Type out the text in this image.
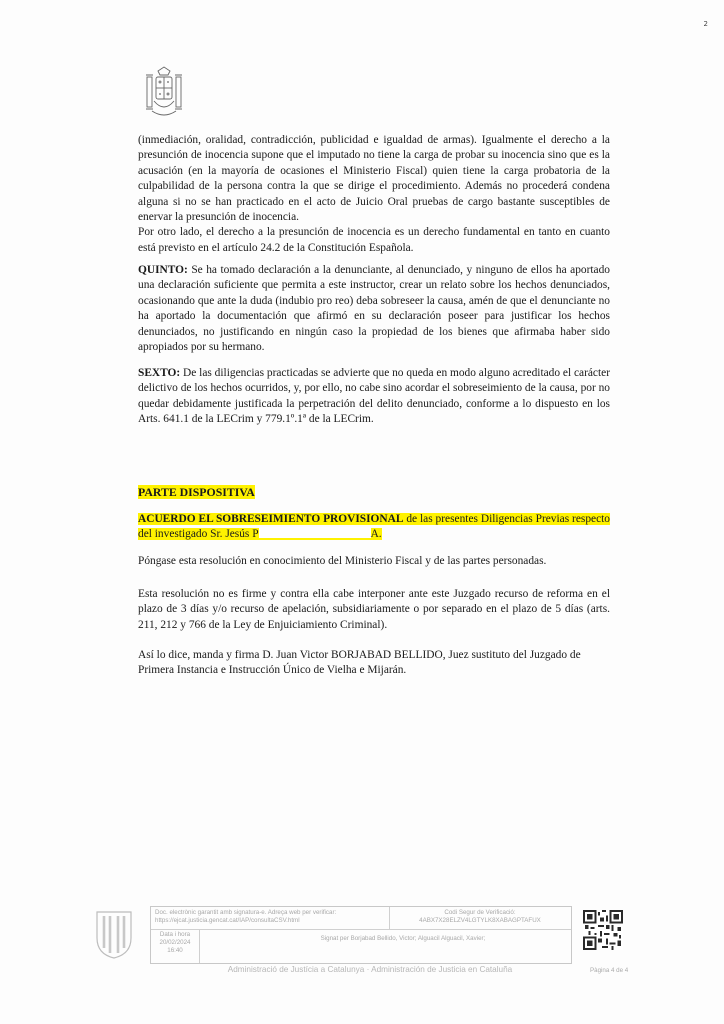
2
(inmediación, oralidad, contradicción, publicidad e igualdad de armas). Igualmente el derecho a la presunción de inocencia supone que el imputado no tiene la carga de probar su inocencia sino que es la acusación (en la mayoría de ocasiones el Ministerio Fiscal) quien tiene la carga probatoria de la culpabilidad de la persona contra la que se dirige el procedimiento. Además no procederá condena alguna si no se han practicado en el acto de Juicio Oral pruebas de cargo bastante susceptibles de enervar la presunción de inocencia.
Por otro lado, el derecho a la presunción de inocencia es un derecho fundamental en tanto en cuanto está previsto en el artículo 24.2 de la Constitución Española.
QUINTO: Se ha tomado declaración a la denunciante, al denunciado, y ninguno de ellos ha aportado una declaración suficiente que permita a este instructor, crear un relato sobre los hechos denunciados, ocasionando que ante la duda (indubio pro reo) deba sobreseer la causa, amén de que el denunciante no ha aportado la documentación que afirmó en su declaración poseer para justificar los hechos denunciados, no justificando en ningún caso la propiedad de los bienes que afirmaba haber sido apropiados por su hermano.
SEXTO: De las diligencias practicadas se advierte que no queda en modo alguno acreditado el carácter delictivo de los hechos ocurridos, y, por ello, no cabe sino acordar el sobreseimiento de la causa, por no quedar debidamente justificada la perpetración del delito denunciado, conforme a lo dispuesto en los Arts. 641.1 de la LECrim y 779.1º.1ª de la LECrim.
PARTE DISPOSITIVA
ACUERDO EL SOBRESEIMIENTO PROVISIONAL de las presentes Diligencias Previas respecto del investigado Sr. Jesús P	A.
Póngase esta resolución en conocimiento del Ministerio Fiscal y de las partes personadas.
Esta resolución no es firme y contra ella cabe interponer ante este Juzgado recurso de reforma en el plazo de 3 días y/o recurso de apelación, subsidiariamente o por separado en el plazo de 5 días (arts. 211, 212 y 766 de la Ley de Enjuiciamiento Criminal).
Así lo dice, manda y firma D. Juan Victor BORJABAD BELLIDO, Juez sustituto del Juzgado de Primera Instancia e Instrucción Único de Vielha e Mijarán.
Doc. electrònic garantit amb signatura-e. Adreça web per verificar:
https://ejcat.justicia.gencat.cat/IAP/consultaCSV.html
Codi Segur de Verificació:
4ABX7X28ELZV4LGTYLK8XABAGPTAFUX
Data i hora
20/02/2024
16:40
Signat per Borjabad Bellido, Victor; Alguacil Alguacil, Xavier;
Administració de Justícia a Catalunya · Administración de Justicia en Cataluña	Pàgina 4 de 4
